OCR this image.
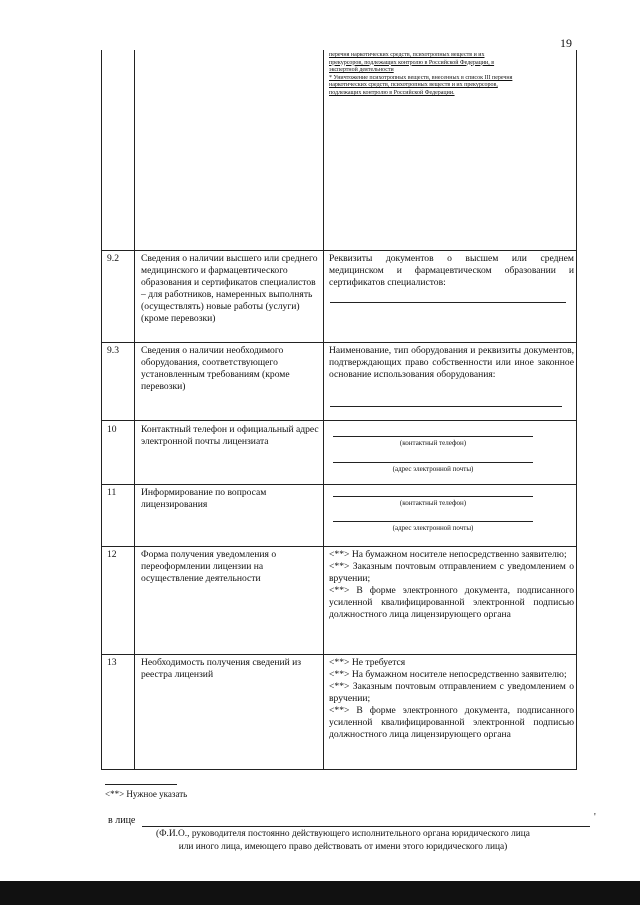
19
перечня наркотических средств, психотропных веществ и их
прекурсоров, подлежащих контролю в Российской Федерации, в
экспертной деятельности
* Уничтожение психотропных веществ, внесенных в список III перечня
наркотических средств, психотропных веществ и их прекурсоров,
подлежащих контролю в Российской Федерации.
9.2 Сведения о наличии высшего или среднего медицинского и фармацевтического образования и сертификатов специалистов – для работников, намеренных выполнять (осуществлять) новые работы (услуги) (кроме перевозки)
Реквизиты документов о высшем или среднем медицинском и фармацевтическом образовании и сертификатов специалистов:
9.3 Сведения о наличии необходимого оборудования, соответствующего установленным требованиям (кроме перевозки)
Наименование, тип оборудования и реквизиты документов, подтверждающих право собственности или иное законное основание использования оборудования:
10	Контактный телефон и официальный адрес электронной почты лицензиата	(контактный телефон)
(адрес электронной почты)
11	Информирование по вопросам лицензирования	(контактный телефон)
(адрес электронной почты)
12	Форма получения уведомления о переоформлении лицензии на осуществление деятельности
<**> На бумажном носителе непосредственно заявителю;
<**> Заказным почтовым отправлением с уведомлением о вручении;
<**> В форме электронного документа, подписанного усиленной квалифицированной электронной подписью должностного лица лицензирующего органа
13	Необходимость получения сведений из реестра лицензий
<**> Не требуется
<**> На бумажном носителе непосредственно заявителю;
<**> Заказным почтовым отправлением с уведомлением о вручении;
<**> В форме электронного документа, подписанного усиленной квалифицированной электронной подписью должностного лица лицензирующего органа
<**> Нужное указать
в лице	'
(Ф.И.О., руководителя постоянно действующего исполнительного органа юридического лица
или иного лица, имеющего право действовать от имени этого юридического лица)
